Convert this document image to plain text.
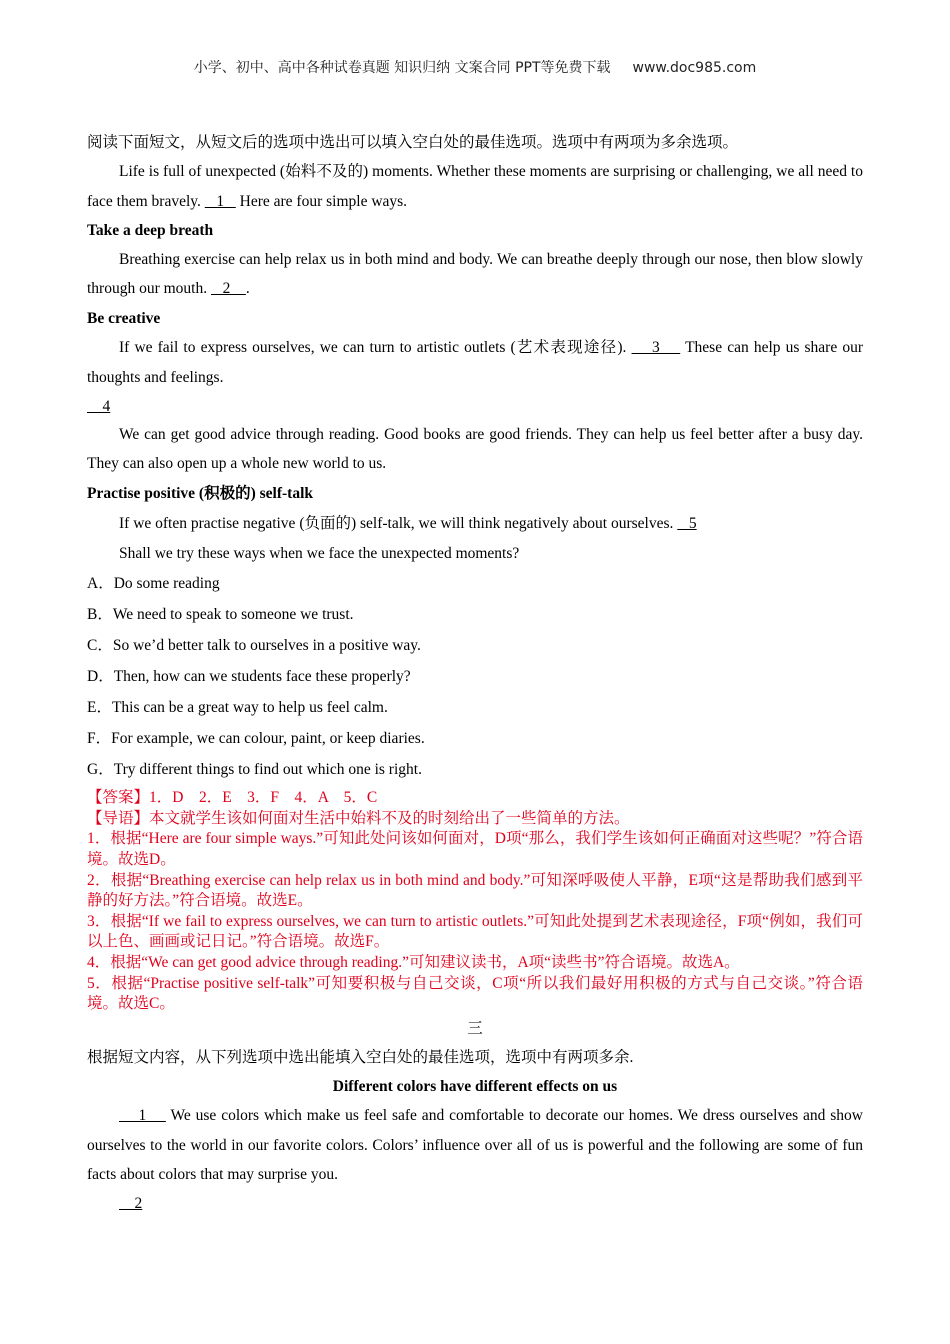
小学、初中、高中各种试卷真题 知识归纳 文案合同 PPT等免费下载 www.doc985.com

阅读下面短文，从短文后的选项中选出可以填入空白处的最佳选项。选项中有两项为多余选项。

Life is full of unexpected (始料不及的) moments. Whether these moments are surprising or challenging, we all need to face them bravely.    1    Here are four simple ways.

Take a deep breath

Breathing exercise can help relax us in both mind and body. We can breathe deeply through our nose, then blow slowly through our mouth.    2    .

Be creative

If we fail to express ourselves, we can turn to artistic outlets (艺术表现途径).     3     These can help us share our thoughts and feelings.

4

We can get good advice through reading. Good books are good friends. They can help us feel better after a busy day. They can also open up a whole new world to us.

Practise positive (积极的) self-talk

If we often practise negative (负面的) self-talk, we will think negatively about ourselves.    5

Shall we try these ways when we face the unexpected moments?

A．Do some reading

B．We need to speak to someone we trust.

C．So we’d better talk to ourselves in a positive way.

D．Then, how can we students face these properly?

E．This can be a great way to help us feel calm.

F．For example, we can colour, paint, or keep diaries.

G．Try different things to find out which one is right.

【答案】1．D　2．E　3．F　4．A　5．C

【导语】本文就学生该如何面对生活中始料不及的时刻给出了一些简单的方法。

1．根据“Here are four simple ways.”可知此处问该如何面对，D项“那么，我们学生该如何正确面对这些呢？”符合语境。故选D。

2．根据“Breathing exercise can help relax us in both mind and body.”可知深呼吸使人平静，E项“这是帮助我们感到平静的好方法。”符合语境。故选E。

3．根据“If we fail to express ourselves, we can turn to artistic outlets.”可知此处提到艺术表现途径，F项“例如，我们可以上色、画画或记日记。”符合语境。故选F。

4．根据“We can get good advice through reading.”可知建议读书，A项“读些书”符合语境。故选A。

5．根据“Practise positive self-talk”可知要积极与自己交谈，C项“所以我们最好用积极的方式与自己交谈。”符合语境。故选C。

三

根据短文内容，从下列选项中选出能填入空白处的最佳选项，选项中有两项多余.

Different colors have different effects on us

1     We use colors which make us feel safe and comfortable to decorate our homes. We dress ourselves and show ourselves to the world in our favorite colors. Colors’ influence over all of us is powerful and the following are some of fun facts about colors that may surprise you.

2
